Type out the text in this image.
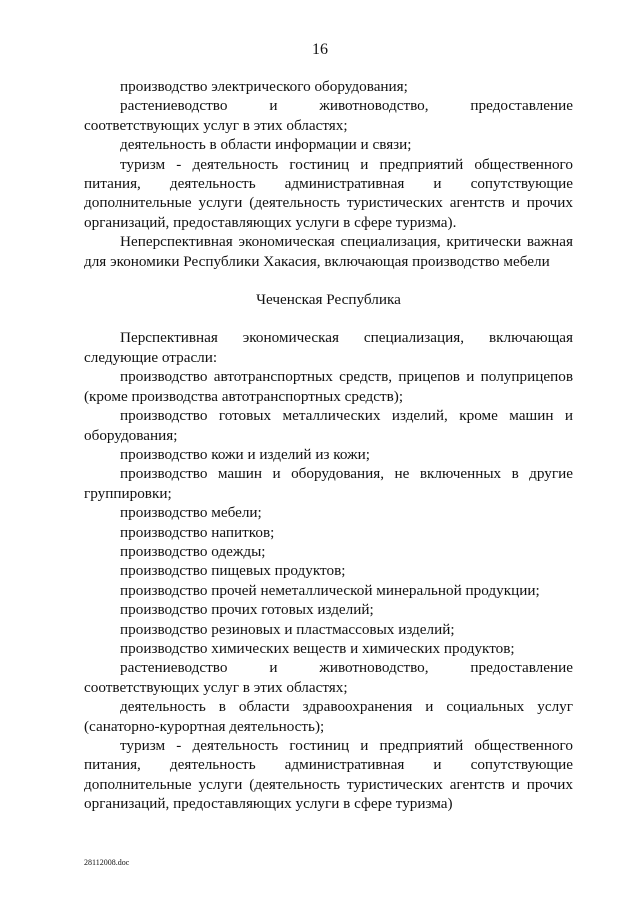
16

производство электрического оборудования;

растениеводство и животноводство, предоставление соответствующих услуг в этих областях;

деятельность в области информации и связи;

туризм - деятельность гостиниц и предприятий общественного питания, деятельность административная и сопутствующие дополнительные услуги (деятельность туристических агентств и прочих организаций, предоставляющих услуги в сфере туризма).

Неперспективная экономическая специализация, критически важная для экономики Республики Хакасия, включающая производство мебели

Чеченская Республика

Перспективная экономическая специализация, включающая следующие отрасли:

производство автотранспортных средств, прицепов и полуприцепов (кроме производства автотранспортных средств);

производство готовых металлических изделий, кроме машин и оборудования;

производство кожи и изделий из кожи;

производство машин и оборудования, не включенных в другие группировки;

производство мебели;

производство напитков;

производство одежды;

производство пищевых продуктов;

производство прочей неметаллической минеральной продукции;

производство прочих готовых изделий;

производство резиновых и пластмассовых изделий;

производство химических веществ и химических продуктов;

растениеводство и животноводство, предоставление соответствующих услуг в этих областях;

деятельность в области здравоохранения и социальных услуг (санаторно-курортная деятельность);

туризм - деятельность гостиниц и предприятий общественного питания, деятельность административная и сопутствующие дополнительные услуги (деятельность туристических агентств и прочих организаций, предоставляющих услуги в сфере туризма)

28112008.doc
